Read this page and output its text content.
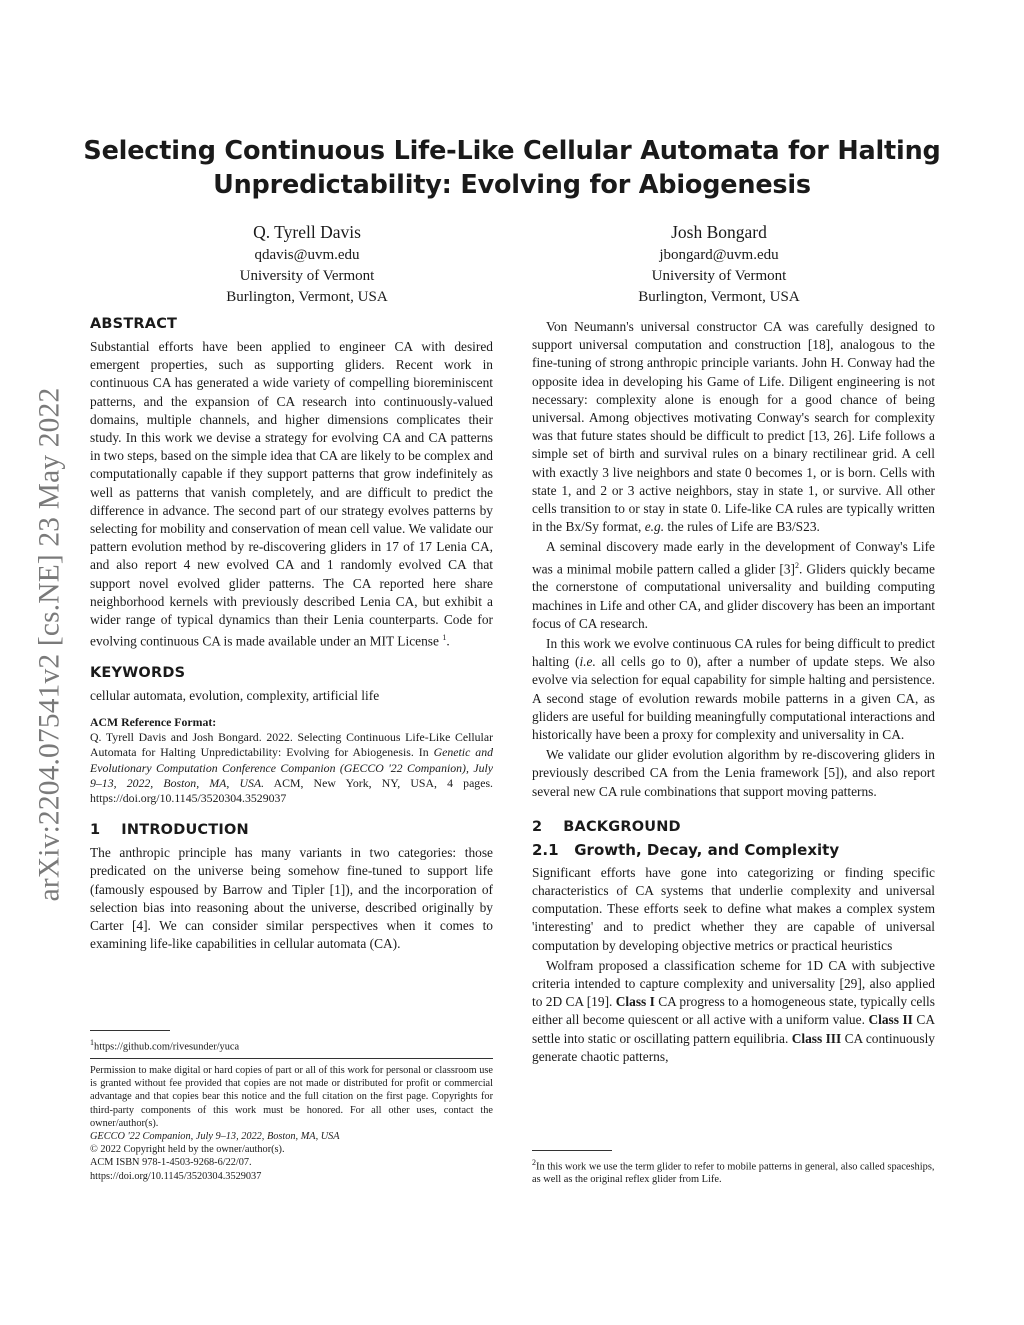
arXiv:2204.07541v2 [cs.NE] 23 May 2022
Selecting Continuous Life-Like Cellular Automata for Halting
Unpredictability: Evolving for Abiogenesis
Q. Tyrell Davis
qdavis@uvm.edu
University of Vermont
Burlington, Vermont, USA
Josh Bongard
jbongard@uvm.edu
University of Vermont
Burlington, Vermont, USA
ABSTRACT

Substantial efforts have been applied to engineer CA with desired emergent properties, such as supporting gliders. Recent work in continuous CA has generated a wide variety of compelling bioreminiscent patterns, and the expansion of CA research into continuously-valued domains, multiple channels, and higher dimensions complicates their study. In this work we devise a strategy for evolving CA and CA patterns in two steps, based on the simple idea that CA are likely to be complex and computationally capable if they support patterns that grow indefinitely as well as patterns that vanish completely, and are difficult to predict the difference in advance. The second part of our strategy evolves patterns by selecting for mobility and conservation of mean cell value. We validate our pattern evolution method by re-discovering gliders in 17 of 17 Lenia CA, and also report 4 new evolved CA and 1 randomly evolved CA that support novel evolved glider patterns. The CA reported here share neighborhood kernels with previously described Lenia CA, but exhibit a wider range of typical dynamics than their Lenia counterparts. Code for evolving continuous CA is made available under an MIT License $^1$.

KEYWORDS

cellular automata, evolution, complexity, artificial life

ACM Reference Format:

Q. Tyrell Davis and Josh Bongard. 2022. Selecting Continuous Life-Like Cellular Automata for Halting Unpredictability: Evolving for Abiogenesis. In Genetic and Evolutionary Computation Conference Companion (GECCO '22 Companion), July 9–13, 2022, Boston, MA, USA. ACM, New York, NY, USA, 4 pages. https://doi.org/10.1145/3520304.3529037

1 INTRODUCTION

The anthropic principle has many variants in two categories: those predicated on the universe being somehow fine-tuned to support life (famously espoused by Barrow and Tipler [1]), and the incorporation of selection bias into reasoning about the universe, described originally by Carter [4]. We can consider similar perspectives when it comes to examining life-like capabilities in cellular automata (CA).

$^1$https://github.com/rivesunder/yuca

Permission to make digital or hard copies of part or all of this work for personal or classroom use is granted without fee provided that copies are not made or distributed for profit or commercial advantage and that copies bear this notice and the full citation on the first page. Copyrights for third-party components of this work must be honored. For all other uses, contact the owner/author(s).

GECCO '22 Companion, July 9–13, 2022, Boston, MA, USA

© 2022 Copyright held by the owner/author(s).

ACM ISBN 978-1-4503-9268-6/22/07.

https://doi.org/10.1145/3520304.3529037

Von Neumann's universal constructor CA was carefully designed to support universal computation and construction [18], analogous to the fine-tuning of strong anthropic principle variants. John H. Conway had the opposite idea in developing his Game of Life. Diligent engineering is not necessary: complexity alone is enough for a good chance of being universal. Among objectives motivating Conway's search for complexity was that future states should be difficult to predict [13, 26]. Life follows a simple set of birth and survival rules on a binary rectilinear grid. A cell with exactly 3 live neighbors and state 0 becomes 1, or is born. Cells with state 1, and 2 or 3 active neighbors, stay in state 1, or survive. All other cells transition to or stay in state 0. Life-like CA rules are typically written in the Bx/Sy format, e.g. the rules of Life are B3/S23.

A seminal discovery made early in the development of Conway's Life was a minimal mobile pattern called a glider $[3]^2$. Gliders quickly became the cornerstone of computational universality and building computing machines in Life and other CA, and glider discovery has been an important focus of CA research.

In this work we evolve continuous CA rules for being difficult to predict halting (i.e. all cells go to 0), after a number of update steps. We also evolve via selection for equal capability for simple halting and persistence. A second stage of evolution rewards mobile patterns in a given CA, as gliders are useful for building meaningfully computational interactions and historically have been a proxy for complexity and universality in CA.

We validate our glider evolution algorithm by re-discovering gliders in previously described CA from the Lenia framework [5]), and also report several new CA rule combinations that support moving patterns.

2 BACKGROUND
2.1 Growth, Decay, and Complexity

Significant efforts have gone into categorizing or finding specific characteristics of CA systems that underlie complexity and universal computation. These efforts seek to define what makes a complex system 'interesting' and to predict whether they are capable of universal computation by developing objective metrics or practical heuristics

Wolfram proposed a classification scheme for 1D CA with subjective criteria intended to capture complexity and universality [29], also applied to 2D CA [19]. Class I CA progress to a homogeneous state, typically cells either all become quiescent or all active with a uniform value. Class II CA settle into static or oscillating pattern equilibria. Class III CA continuously generate chaotic patterns,

$^2$In this work we use the term glider to refer to mobile patterns in general, also called spaceships, as well as the original reflex glider from Life.
